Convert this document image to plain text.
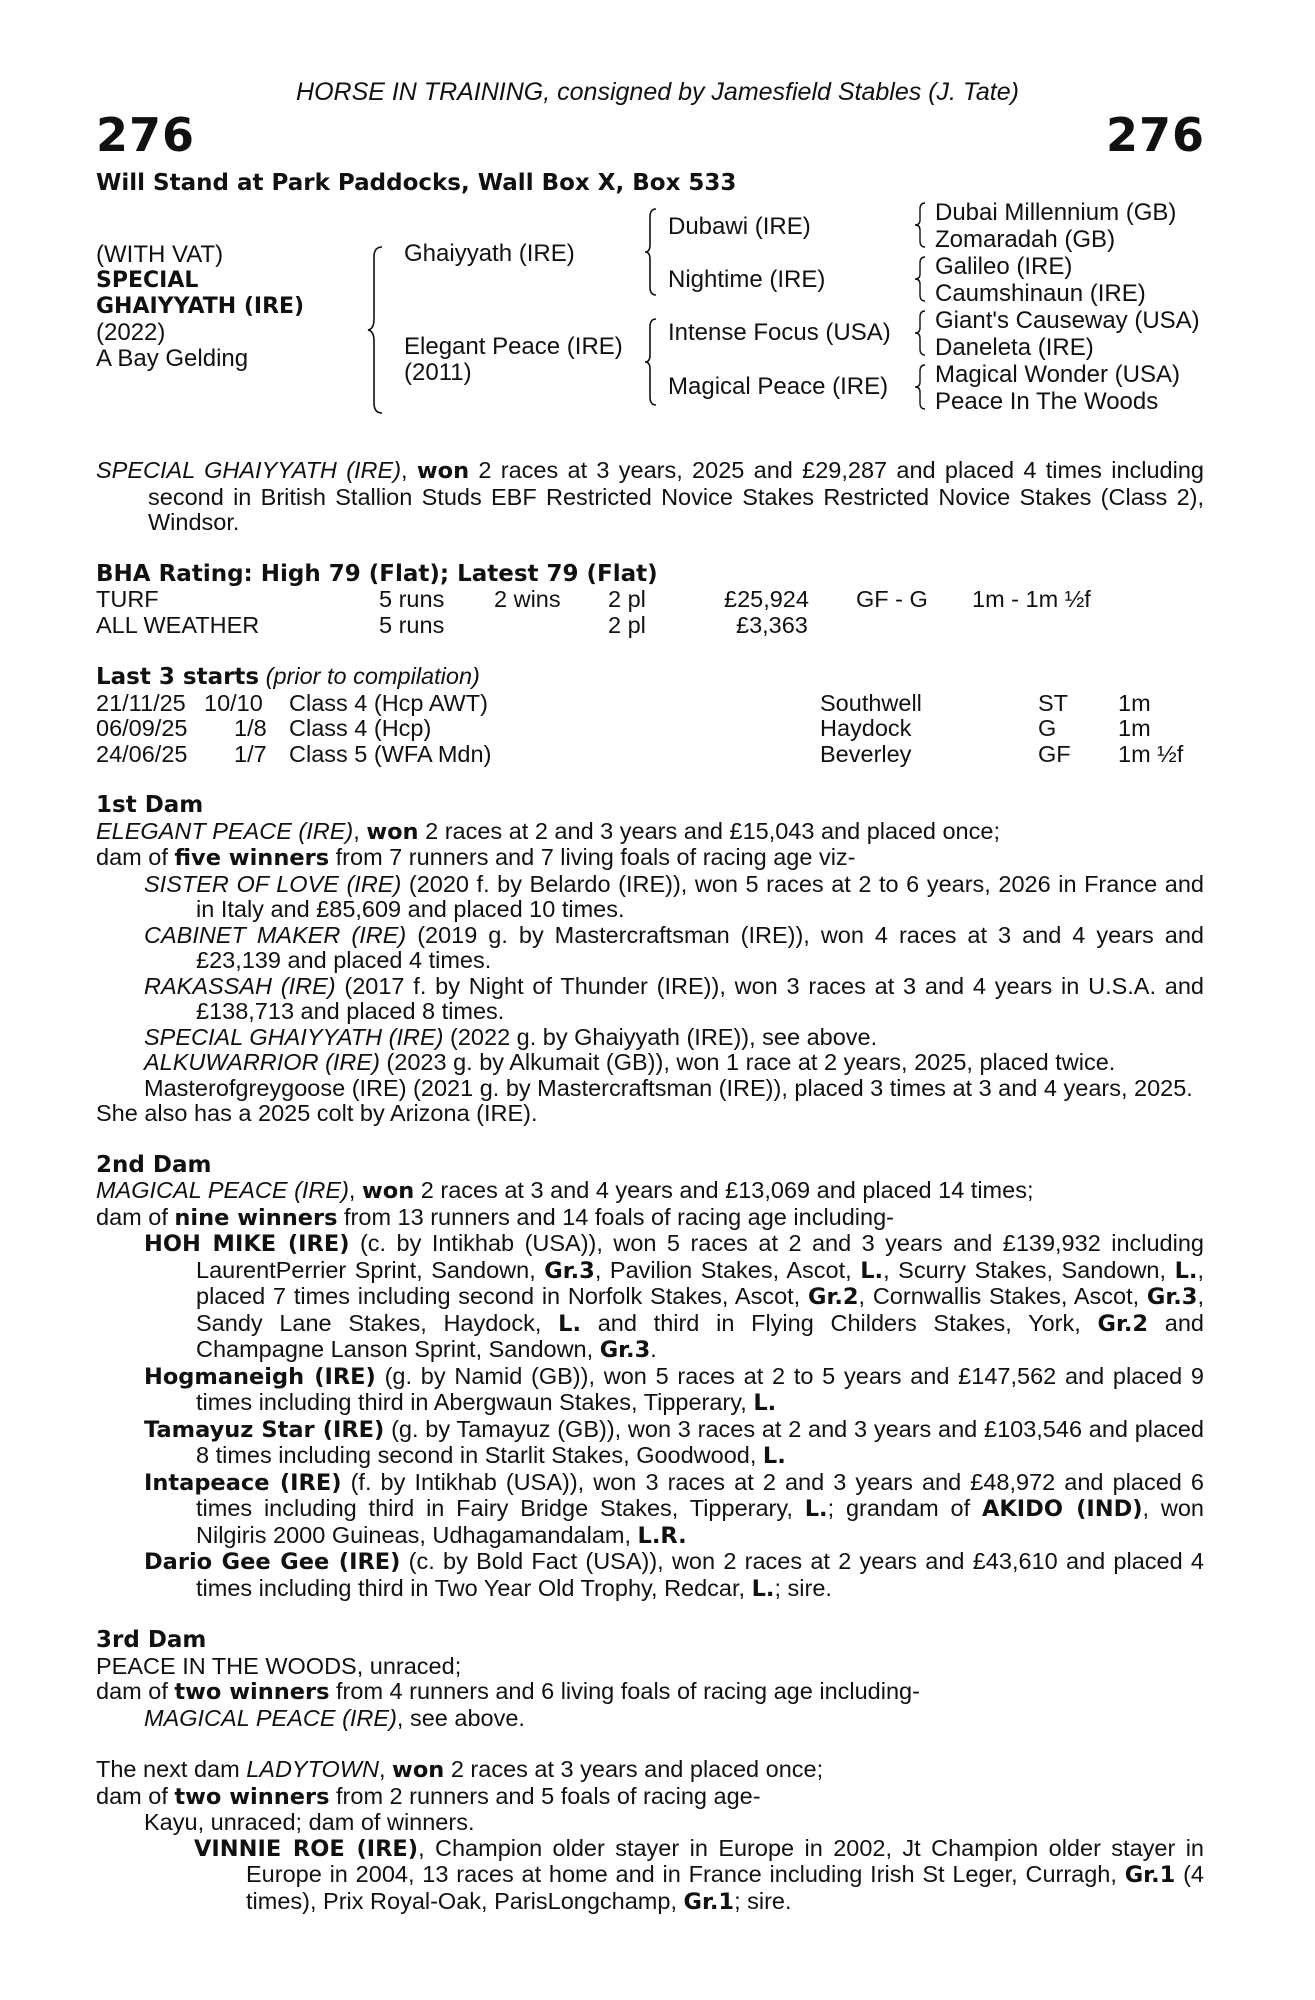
HORSE IN TRAINING, consigned by Jamesfield Stables (J. Tate)
276	276
Will Stand at Park Paddocks, Wall Box X, Box 533
(WITH VAT)
SPECIAL
GHAIYYATH (IRE)
(2022)
A Bay Gelding
Ghaiyyath (IRE)
Elegant Peace (IRE)
(2011)
Dubawi (IRE)
Nightime (IRE)
Intense Focus (USA)
Magical Peace (IRE)
Dubai Millennium (GB)
Zomaradah (GB)
Galileo (IRE)
Caumshinaun (IRE)
Giant's Causeway (USA)
Daneleta (IRE)
Magical Wonder (USA)
Peace In The Woods

SPECIAL GHAIYYATH (IRE), won 2 races at 3 years, 2025 and £29,287 and placed 4 times including second in British Stallion Studs EBF Restricted Novice Stakes Restricted Novice Stakes (Class 2), Windsor.

BHA Rating: High 79 (Flat); Latest 79 (Flat)

TURF	5 runs 2 wins 2 pl	£25,924 GF - G 1m - 1m ½f
ALL WEATHER	5 runs	2 pl	£3,363

Last 3 starts (prior to compilation)

21/11/25 10/10 Class 4 (Hcp AWT)	Southwell	ST 1m
06/09/25 1/8 Class 4 (Hcp)	Haydock	G	1m
24/06/25 1/7 Class 5 (WFA Mdn)	Beverley	GF 1m ½f

1st Dam

ELEGANT PEACE (IRE), won 2 races at 2 and 3 years and £15,043 and placed once;

dam of five winners from 7 runners and 7 living foals of racing age viz-

SISTER OF LOVE (IRE) (2020 f. by Belardo (IRE)), won 5 races at 2 to 6 years, 2026 in France and in Italy and £85,609 and placed 10 times.

CABINET MAKER (IRE) (2019 g. by Mastercraftsman (IRE)), won 4 races at 3 and 4 years and £23,139 and placed 4 times.

RAKASSAH (IRE) (2017 f. by Night of Thunder (IRE)), won 3 races at 3 and 4 years in U.S.A. and £138,713 and placed 8 times.

SPECIAL GHAIYYATH (IRE) (2022 g. by Ghaiyyath (IRE)), see above.

ALKUWARRIOR (IRE) (2023 g. by Alkumait (GB)), won 1 race at 2 years, 2025, placed twice.

Masterofgreygoose (IRE) (2021 g. by Mastercraftsman (IRE)), placed 3 times at 3 and 4 years, 2025.

She also has a 2025 colt by Arizona (IRE).

2nd Dam

MAGICAL PEACE (IRE), won 2 races at 3 and 4 years and £13,069 and placed 14 times;

dam of nine winners from 13 runners and 14 foals of racing age including-

HOH MIKE (IRE) (c. by Intikhab (USA)), won 5 races at 2 and 3 years and £139,932 including LaurentPerrier Sprint, Sandown, Gr.3, Pavilion Stakes, Ascot, L., Scurry Stakes, Sandown, L., placed 7 times including second in Norfolk Stakes, Ascot, Gr.2, Cornwallis Stakes, Ascot, Gr.3, Sandy Lane Stakes, Haydock, L. and third in Flying Childers Stakes, York, Gr.2 and Champagne Lanson Sprint, Sandown, Gr.3.

Hogmaneigh (IRE) (g. by Namid (GB)), won 5 races at 2 to 5 years and £147,562 and placed 9 times including third in Abergwaun Stakes, Tipperary, L.

Tamayuz Star (IRE) (g. by Tamayuz (GB)), won 3 races at 2 and 3 years and £103,546 and placed 8 times including second in Starlit Stakes, Goodwood, L.

Intapeace (IRE) (f. by Intikhab (USA)), won 3 races at 2 and 3 years and £48,972 and placed 6 times including third in Fairy Bridge Stakes, Tipperary, L.; grandam of AKIDO (IND), won Nilgiris 2000 Guineas, Udhagamandalam, L.R.

Dario Gee Gee (IRE) (c. by Bold Fact (USA)), won 2 races at 2 years and £43,610 and placed 4 times including third in Two Year Old Trophy, Redcar, L.; sire.

3rd Dam

PEACE IN THE WOODS, unraced;

dam of two winners from 4 runners and 6 living foals of racing age including-

MAGICAL PEACE (IRE), see above.

The next dam LADYTOWN, won 2 races at 3 years and placed once;

dam of two winners from 2 runners and 5 foals of racing age-

Kayu, unraced; dam of winners.

VINNIE ROE (IRE), Champion older stayer in Europe in 2002, Jt Champion older stayer in Europe in 2004, 13 races at home and in France including Irish St Leger, Curragh, Gr.1 (4 times), Prix Royal-Oak, ParisLongchamp, Gr.1; sire.
